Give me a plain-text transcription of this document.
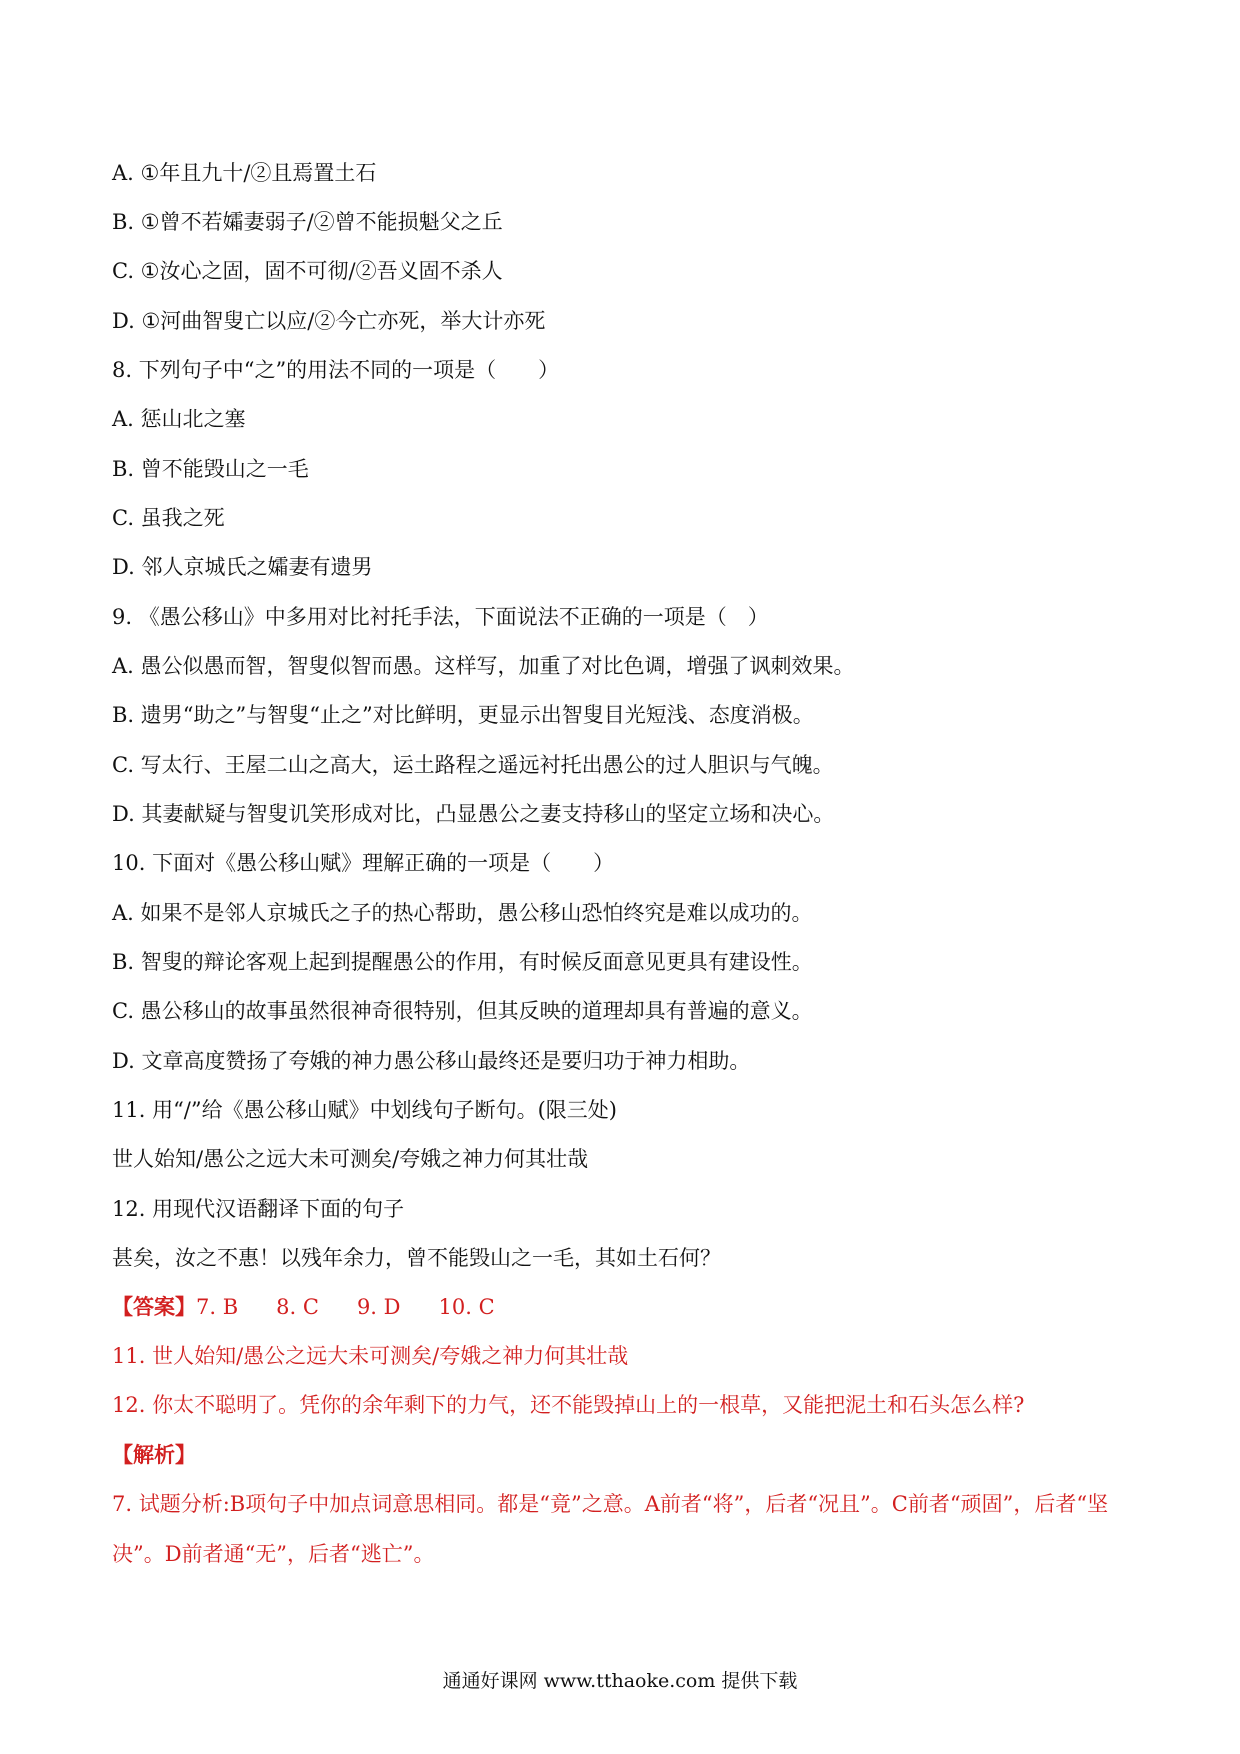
A. ①年且九十/②且焉置土石
B. ①曾不若孀妻弱子/②曾不能损魁父之丘
C. ①汝心之固，固不可彻/②吾义固不杀人
D. ①河曲智叟亡以应/②今亡亦死，举大计亦死
8. 下列句子中“之”的用法不同的一项是（　　）
A. 惩山北之塞
B. 曾不能毁山之一毛
C. 虽我之死
D. 邻人京城氏之孀妻有遗男
9. 《愚公移山》中多用对比衬托手法，下面说法不正确的一项是（　）
A. 愚公似愚而智，智叟似智而愚。这样写，加重了对比色调，增强了讽刺效果。
B. 遗男“助之”与智叟“止之”对比鲜明，更显示出智叟目光短浅、态度消极。
C. 写太行、王屋二山之高大，运土路程之遥远衬托出愚公的过人胆识与气魄。
D. 其妻献疑与智叟讥笑形成对比，凸显愚公之妻支持移山的坚定立场和决心。
10. 下面对《愚公移山赋》理解正确的一项是（　　）
A. 如果不是邻人京城氏之子的热心帮助，愚公移山恐怕终究是难以成功的。
B. 智叟的辩论客观上起到提醒愚公的作用，有时候反面意见更具有建设性。
C. 愚公移山的故事虽然很神奇很特别，但其反映的道理却具有普遍的意义。
D. 文章高度赞扬了夸娥的神力愚公移山最终还是要归功于神力相助。
11. 用“/”给《愚公移山赋》中划线句子断句。(限三处)
世人始知/愚公之远大未可测矣/夸娥之神力何其壮哉
12. 用现代汉语翻译下面的句子
甚矣，汝之不惠！以残年余力，曾不能毁山之一毛，其如土石何？
【答案】7. B 8. C 9. D 10. C
11. 世人始知/愚公之远大未可测矣/夸娥之神力何其壮哉
12. 你太不聪明了。凭你的余年剩下的力气，还不能毁掉山上的一根草，又能把泥土和石头怎么样?
【解析】
7. 试题分析:B项句子中加点词意思相同。都是“竟”之意。A前者“将”，后者“况且”。C前者“顽固”，后者“坚决”。D前者通“无”，后者“逃亡”。
通通好课网 www.tthaoke.com 提供下载
